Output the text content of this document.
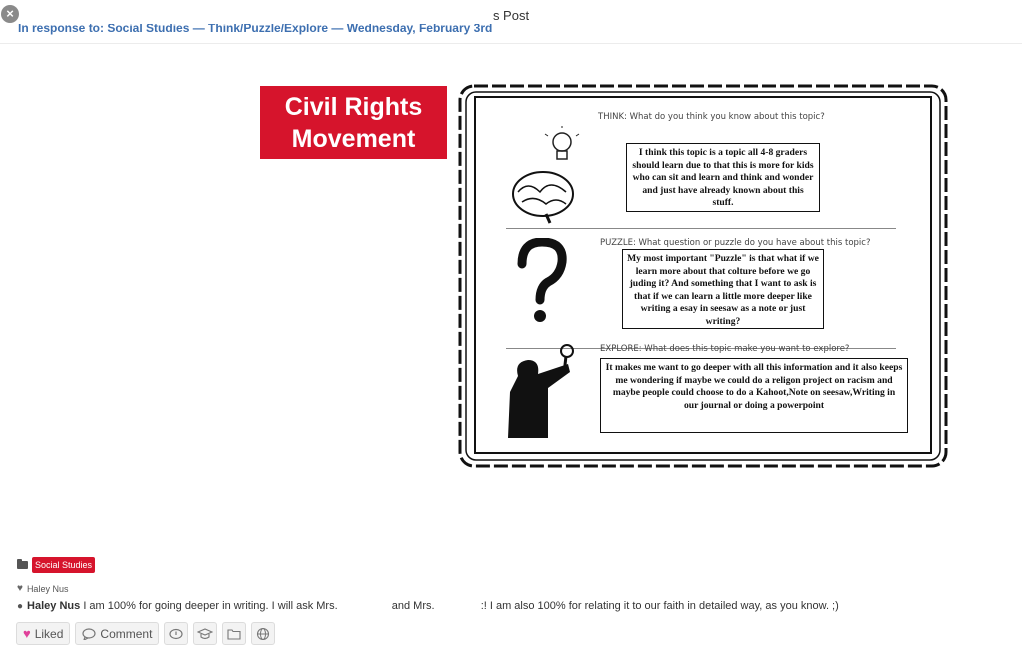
×	s Post
In response to: Social Studies — Think/Puzzle/Explore — Wednesday, February 3rd
Civil Rights
Movement
THINK: What do you think you know about this topic?
I think this topic is a topic all 4-8 graders should learn due to that this is more for kids who can sit and learn and think and wonder and just have already known about this stuff.
PUZZLE: What question or puzzle do you have about this topic?
My most important "Puzzle" is that what if we learn more about that colture before we go juding it? And something that I want to ask is that if we can learn a little more deeper like writing a esay in seesaw as a note or just writing?
EXPLORE: What does this topic make you want to explore?
It makes me want to go deeper with all this information and it also keeps me wondering if maybe we could do a religon project on racism and maybe people could choose to do a Kahoot,Note on seesaw,Writing in our journal or doing a powerpoint
Social Studies
♥ Haley Nus
● Haley Nus I am 100% for going deeper in writing. I will ask Mrs.	and Mrs.	:! I am also 100% for relating it to our faith in detailed way, as you know. ;)
♥ Liked	Comment
